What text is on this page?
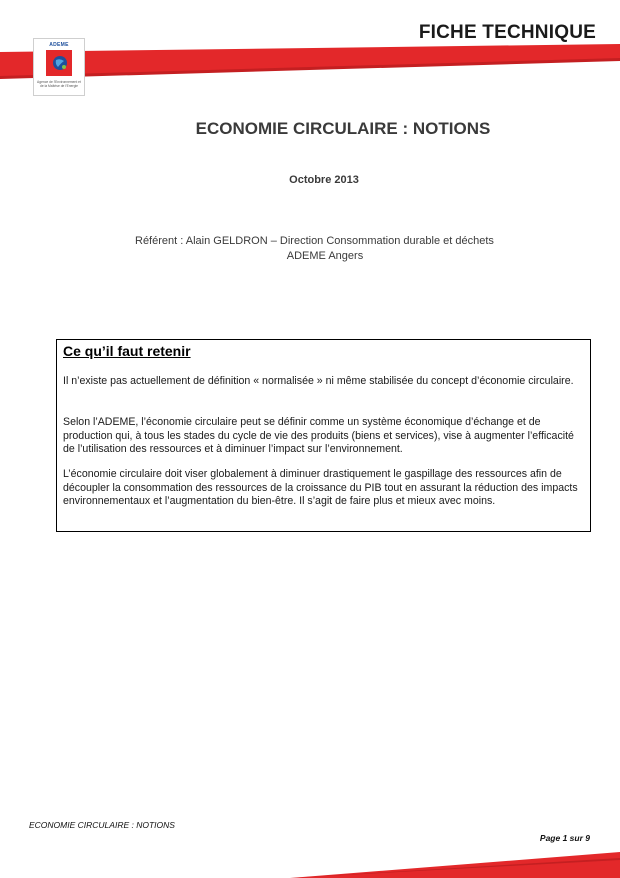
FICHE TECHNIQUE
ADEME
Agence de l'Environnement et de la Maîtrise de l'Energie
ECONOMIE CIRCULAIRE : NOTIONS
Octobre 2013
Référent : Alain GELDRON – Direction Consommation durable et déchets
ADEME Angers
Ce qu’il faut retenir

Il n’existe pas actuellement de définition « normalisée » ni même stabilisée du concept d’économie circulaire.

Selon l’ADEME, l’économie circulaire peut se définir comme un système économique d’échange et de production qui, à tous les stades du cycle de vie des produits (biens et services), vise à augmenter l’efficacité de l’utilisation des ressources et à diminuer l’impact sur l’environnement.

L’économie circulaire doit viser globalement à diminuer drastiquement le gaspillage des ressources afin de découpler la consommation des ressources de la croissance du PIB tout en assurant la réduction des impacts environnementaux et l’augmentation du bien-être. Il s’agit de faire plus et mieux avec moins.

ECONOMIE CIRCULAIRE : NOTIONS
Page 1 sur 9
